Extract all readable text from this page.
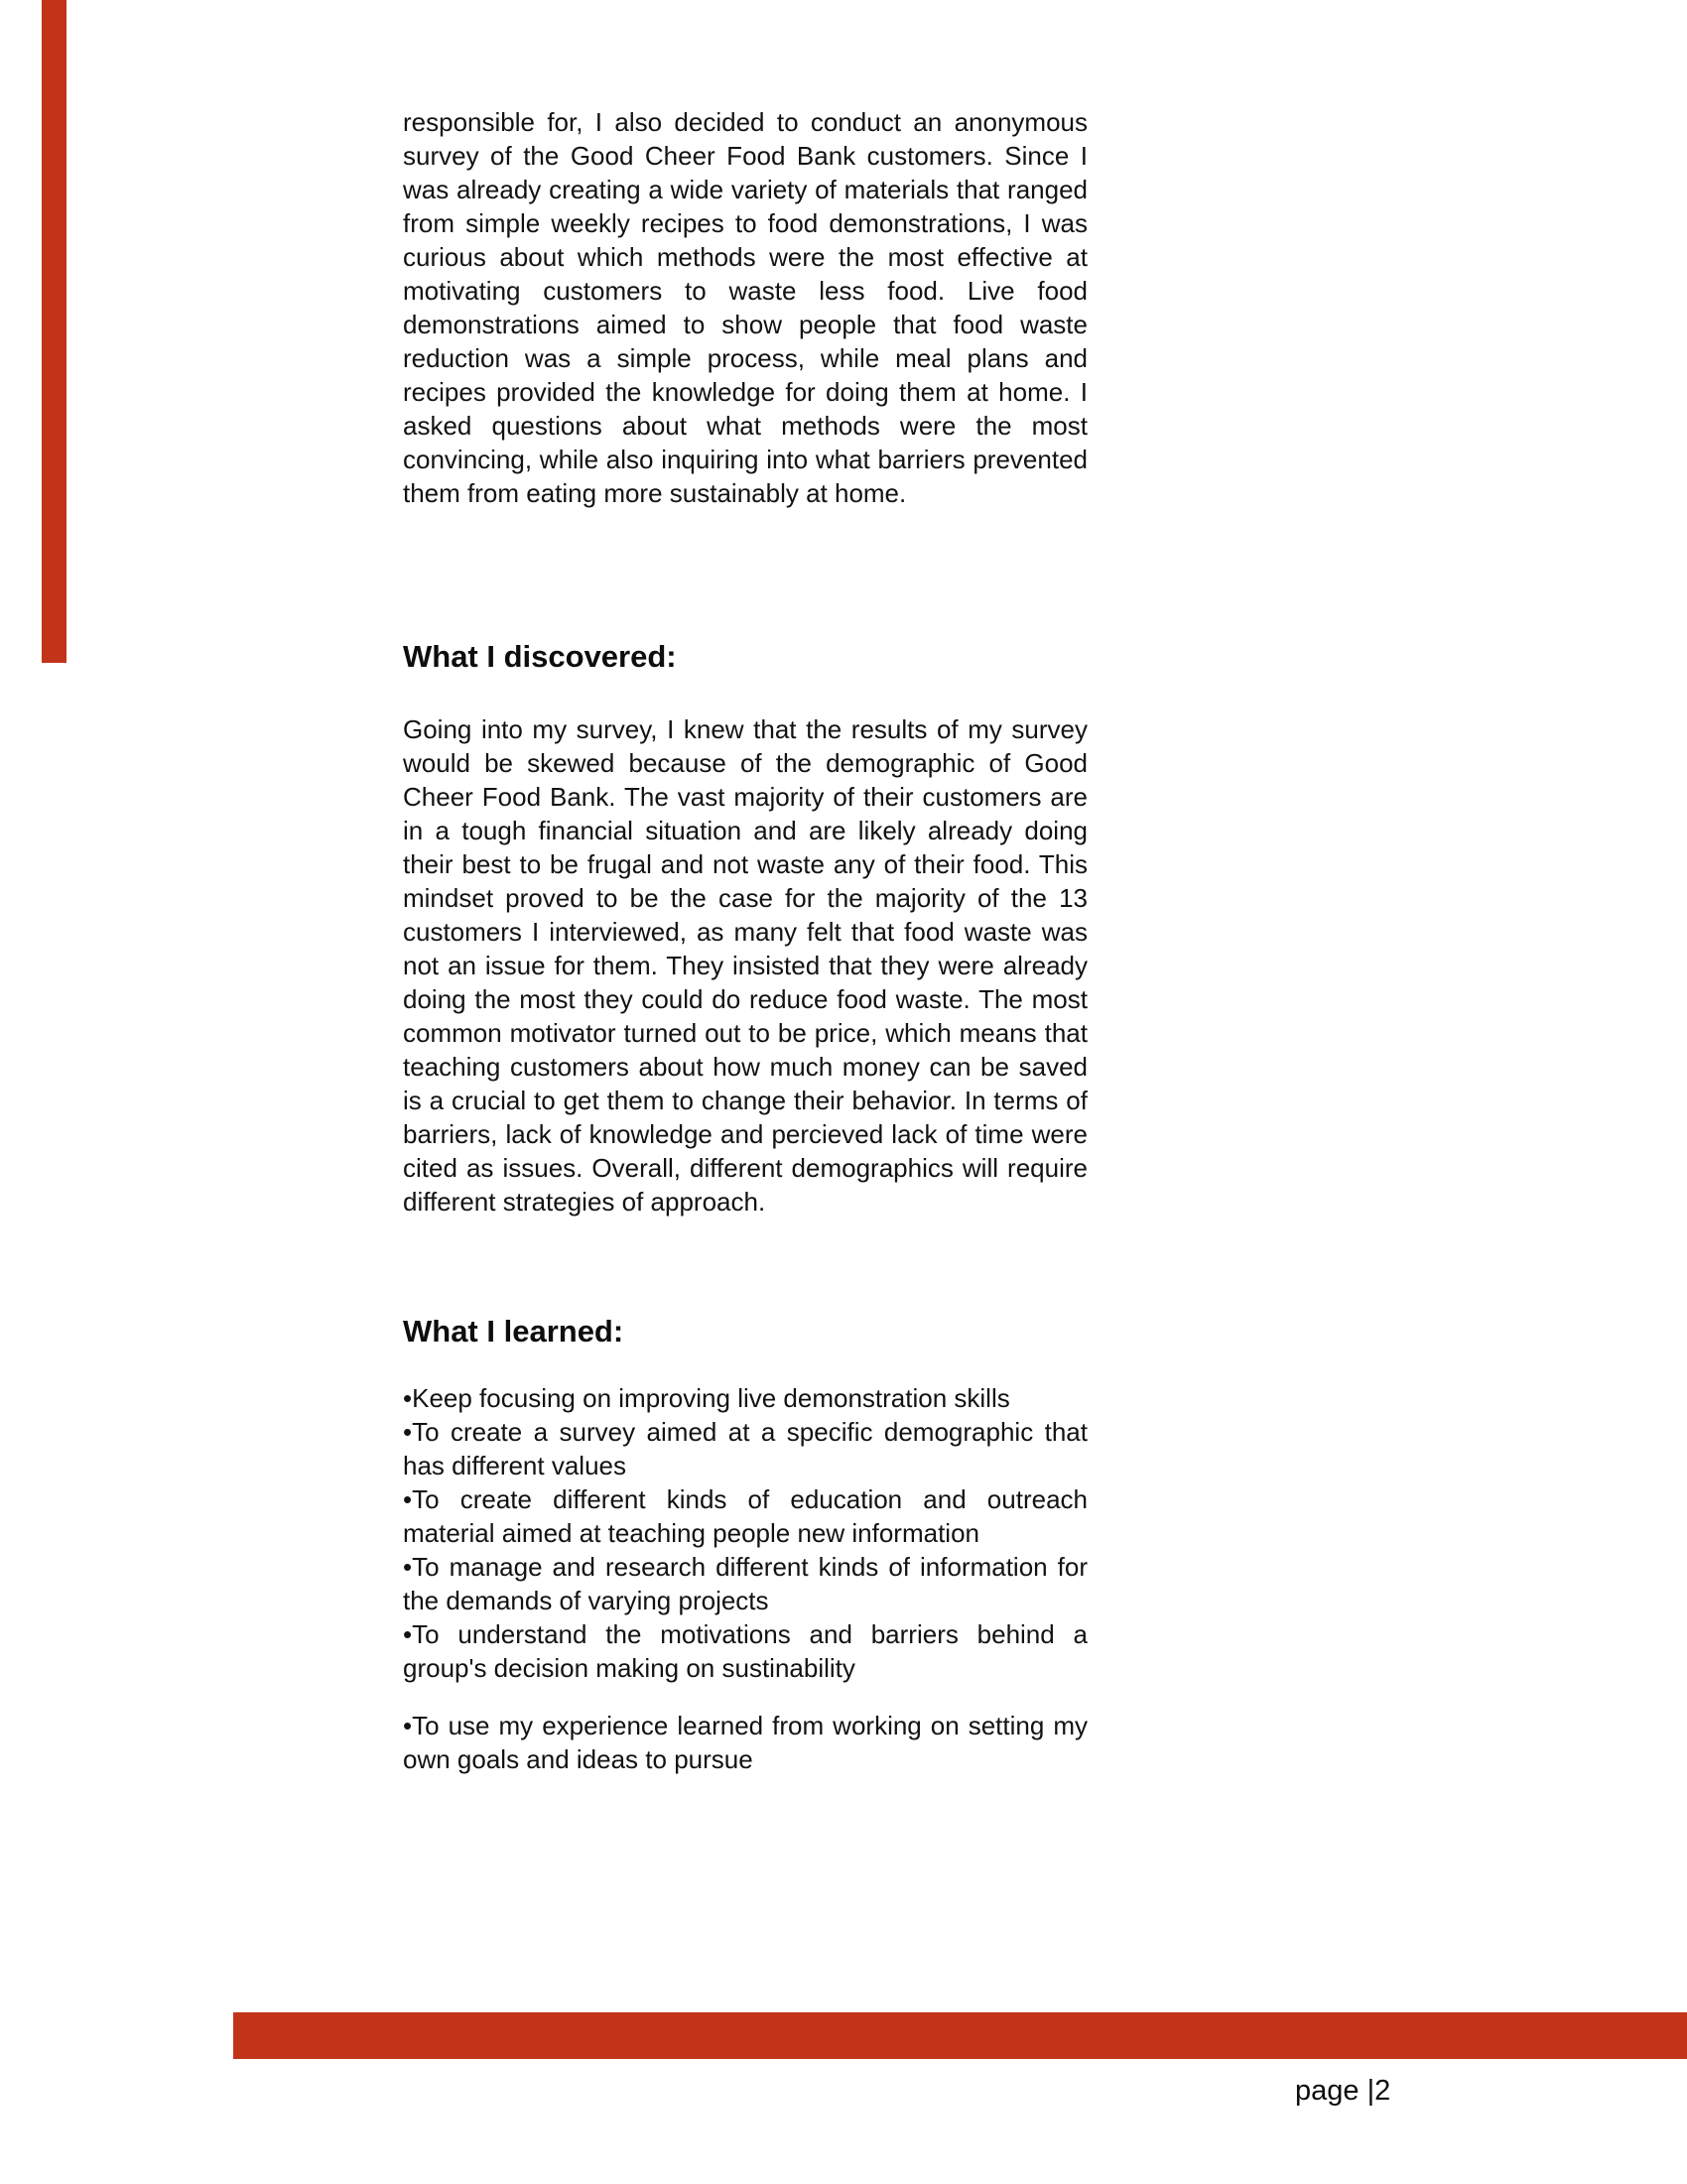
responsible for, I also decided to conduct an anonymous survey of the Good Cheer Food Bank customers. Since I was already creating a wide variety of materials that ranged from simple weekly recipes to food demonstrations, I was curious about which methods were the most effective at motivating customers to waste less food. Live food demonstrations aimed to show people that food waste reduction was a simple process, while meal plans and recipes provided the knowledge for doing them at home. I asked questions about what methods were the most convincing, while also inquiring into what barriers prevented them from eating more sustainably at home.
What I discovered:
Going into my survey, I knew that the results of my survey would be skewed because of the demographic of Good Cheer Food Bank. The vast majority of their customers are in a tough financial situation and are likely already doing their best to be frugal and not waste any of their food. This mindset proved to be the case for the majority of the 13 customers I interviewed, as many felt that food waste was not an issue for them. They insisted that they were already doing the most they could do reduce food waste. The most common motivator turned out to be price, which means that teaching customers about how much money can be saved is a crucial to get them to change their behavior. In terms of barriers, lack of knowledge and percieved lack of time were cited as issues. Overall, different demographics will require different strategies of approach.
What I learned:
•Keep focusing on improving live demonstration skills
•To create a survey aimed at a specific demographic that has different values
•To create different kinds of education and outreach material aimed at teaching people new information
•To manage and research different kinds of information for the demands of varying projects
•To understand the motivations and barriers behind a group's decision making on sustinability
•To use my experience learned from working on setting my own goals and ideas to pursue
page |2
